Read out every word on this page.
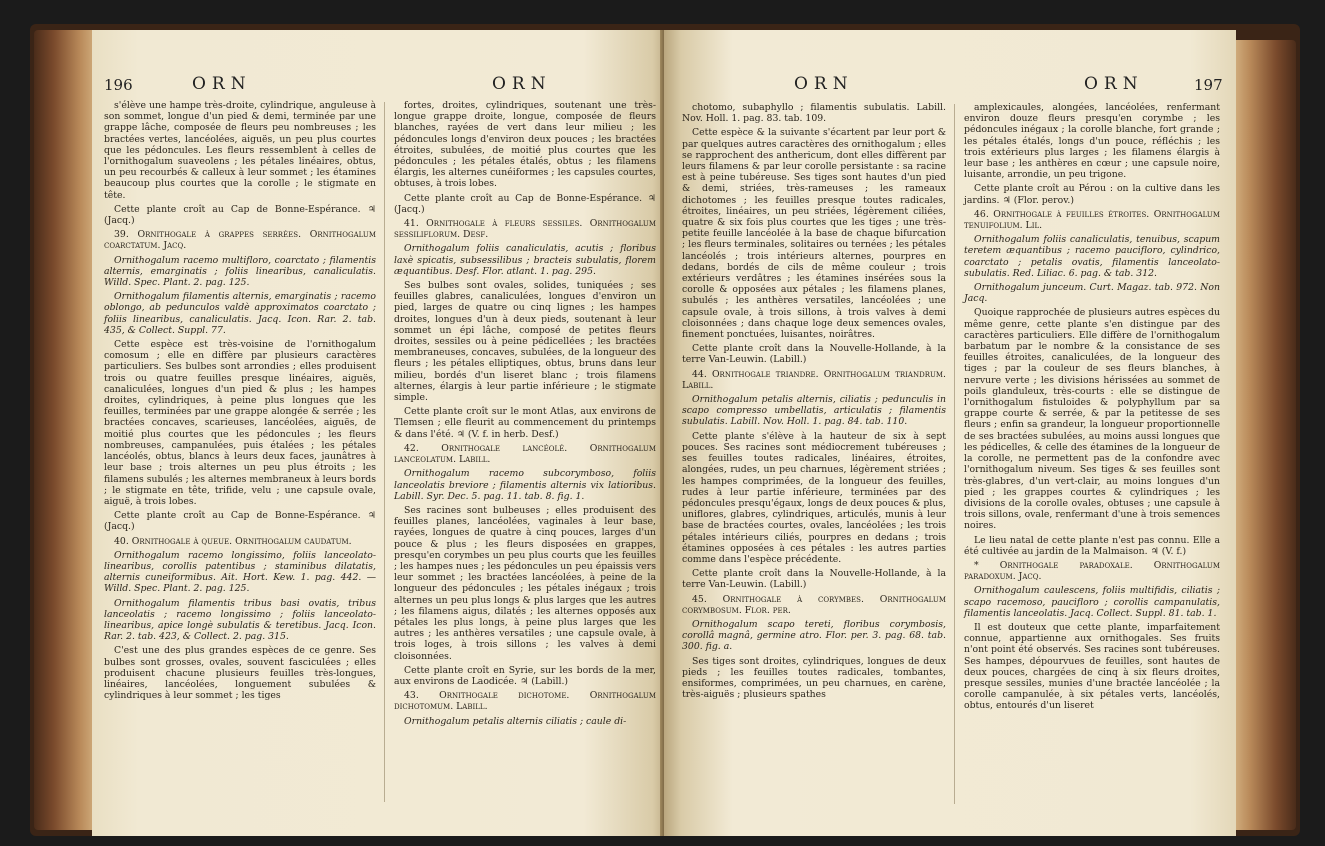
196	ORN	ORN

s'élève une hampe très-droite, cylindrique, anguleuse à son sommet, longue d'un pied & demi, terminée par une grappe lâche, composée de fleurs peu nombreuses ; les bractées vertes, lancéolées, aiguës, un peu plus courtes que les pédoncules. Les fleurs ressemblent à celles de l'ornithogalum suaveolens ; les pétales linéaires, obtus, un peu recourbés & calleux à leur sommet ; les étamines beaucoup plus courtes que la corolle ; le stigmate en tête.

Cette plante croît au Cap de Bonne-Espérance. ♃ (Jacq.)

39. Ornithogale à grappes serrées. Ornithogalum coarctatum. Jacq.

Ornithogalum racemo multifloro, coarctato ; filamentis alternis, emarginatis ; foliis linearibus, canaliculatis. Willd. Spec. Plant. 2. pag. 125.

Ornithogalum filamentis alternis, emarginatis ; racemo oblongo, ab pedunculos valdè approximatos coarctato ; foliis linearibus, canaliculatis. Jacq. Icon. Rar. 2. tab. 435, & Collect. Suppl. 77.

Cette espèce est très-voisine de l'ornithogalum comosum ; elle en diffère par plusieurs caractères particuliers. Ses bulbes sont arrondies ; elles produisent trois ou quatre feuilles presque linéaires, aiguës, canaliculées, longues d'un pied & plus ; les hampes droites, cylindriques, à peine plus longues que les feuilles, terminées par une grappe alongée & serrée ; les bractées concaves, scarieuses, lancéolées, aiguës, de moitié plus courtes que les pédoncules ; les fleurs nombreuses, campanulées, puis étalées ; les pétales lancéolés, obtus, blancs à leurs deux faces, jaunâtres à leur base ; trois alternes un peu plus étroits ; les filamens subulés ; les alternes membraneux à leurs bords ; le stigmate en tête, trifide, velu ; une capsule ovale, aiguë, à trois lobes.

Cette plante croît au Cap de Bonne-Espérance. ♃ (Jacq.)

40. Ornithogale à queue. Ornithogalum caudatum.

Ornithogalum racemo longissimo, foliis lanceolato-linearibus, corollis patentibus ; staminibus dilatatis, alternis cuneiformibus. Ait. Hort. Kew. 1. pag. 442. — Willd. Spec. Plant. 2. pag. 125.

Ornithogalum filamentis tribus basi ovatis, tribus lanceolatis ; racemo longissimo ; foliis lanceolato-linearibus, apice longè subulatis & teretibus. Jacq. Icon. Rar. 2. tab. 423, & Collect. 2. pag. 315.

C'est une des plus grandes espèces de ce genre. Ses bulbes sont grosses, ovales, souvent fasciculées ; elles produisent chacune plusieurs feuilles très-longues, linéaires, lancéolées, longuement subulées & cylindriques à leur sommet ; les tiges

fortes, droites, cylindriques, soutenant une très-longue grappe droite, longue, composée de fleurs blanches, rayées de vert dans leur milieu ; les pédoncules longs d'environ deux pouces ; les bractées étroites, subulées, de moitié plus courtes que les pédoncules ; les pétales étalés, obtus ; les filamens élargis, les alternes cunéiformes ; les capsules courtes, obtuses, à trois lobes.

Cette plante croît au Cap de Bonne-Espérance. ♃ (Jacq.)

41. Ornithogale à fleurs sessiles. Ornithogalum sessiliflorum. Desf.

Ornithogalum foliis canaliculatis, acutis ; floribus laxè spicatis, subsessilibus ; bracteis subulatis, florem æquantibus. Desf. Flor. atlant. 1. pag. 295.

Ses bulbes sont ovales, solides, tuniquées ; ses feuilles glabres, canaliculées, longues d'environ un pied, larges de quatre ou cinq lignes ; les hampes droites, longues d'un à deux pieds, soutenant à leur sommet un épi lâche, composé de petites fleurs droites, sessiles ou à peine pédicellées ; les bractées membraneuses, concaves, subulées, de la longueur des fleurs ; les pétales elliptiques, obtus, bruns dans leur milieu, bordés d'un liseret blanc ; trois filamens alternes, élargis à leur partie inférieure ; le stigmate simple.

Cette plante croît sur le mont Atlas, aux environs de Tlemsen ; elle fleurit au commencement du printemps & dans l'été. ♃ (V. f. in herb. Desf.)

42. Ornithogale lancéolé. Ornithogalum lanceolatum. Labill.

Ornithogalum racemo subcorymboso, foliis lanceolatis breviore ; filamentis alternis vix latioribus. Labill. Syr. Dec. 5. pag. 11. tab. 8. fig. 1.

Ses racines sont bulbeuses ; elles produisent des feuilles planes, lancéolées, vaginales à leur base, rayées, longues de quatre à cinq pouces, larges d'un pouce & plus ; les fleurs disposées en grappes, presqu'en corymbes un peu plus courts que les feuilles ; les hampes nues ; les pédoncules un peu épaissis vers leur sommet ; les bractées lancéolées, à peine de la longueur des pédoncules ; les pétales inégaux ; trois alternes un peu plus longs & plus larges que les autres ; les filamens aigus, dilatés ; les alternes opposés aux pétales les plus longs, à peine plus larges que les autres ; les anthères versatiles ; une capsule ovale, à trois loges, à trois sillons ; les valves à demi cloisonnées.

Cette plante croît en Syrie, sur les bords de la mer, aux environs de Laodicée. ♃ (Labill.)

43. Ornithogale dichotome. Ornithogalum dichotomum. Labill.

Ornithogalum petalis alternis ciliatis ; caule di-

ORN	ORN	197

chotomo, subaphyllo ; filamentis subulatis. Labill. Nov. Holl. 1. pag. 83. tab. 109.

Cette espèce & la suivante s'écartent par leur port & par quelques autres caractères des ornithogalum ; elles se rapprochent des anthericum, dont elles diffèrent par leurs filamens & par leur corolle persistante : sa racine est à peine tubéreuse. Ses tiges sont hautes d'un pied & demi, striées, très-rameuses ; les rameaux dichotomes ; les feuilles presque toutes radicales, étroites, linéaires, un peu striées, légèrement ciliées, quatre & six fois plus courtes que les tiges ; une très-petite feuille lancéolée à la base de chaque bifurcation ; les fleurs terminales, solitaires ou ternées ; les pétales lancéolés ; trois intérieurs alternes, pourpres en dedans, bordés de cils de même couleur ; trois extérieurs verdâtres ; les étamines insérées sous la corolle & opposées aux pétales ; les filamens planes, subulés ; les anthères versatiles, lancéolées ; une capsule ovale, à trois sillons, à trois valves à demi cloisonnées ; dans chaque loge deux semences ovales, finement ponctuées, luisantes, noirâtres.

Cette plante croît dans la Nouvelle-Hollande, à la terre Van-Leuwin. (Labill.)

44. Ornithogale triandre. Ornithogalum triandrum. Labill.

Ornithogalum petalis alternis, ciliatis ; pedunculis in scapo compresso umbellatis, articulatis ; filamentis subulatis. Labill. Nov. Holl. 1. pag. 84. tab. 110.

Cette plante s'élève à la hauteur de six à sept pouces. Ses racines sont médiocrement tubéreuses ; ses feuilles toutes radicales, linéaires, étroites, alongées, rudes, un peu charnues, légèrement striées ; les hampes comprimées, de la longueur des feuilles, rudes à leur partie inférieure, terminées par des pédoncules presqu'égaux, longs de deux pouces & plus, uniflores, glabres, cylindriques, articulés, munis à leur base de bractées courtes, ovales, lancéolées ; les trois pétales intérieurs ciliés, pourpres en dedans ; trois étamines opposées à ces pétales : les autres parties comme dans l'espèce précédente.

Cette plante croît dans la Nouvelle-Hollande, à la terre Van-Leuwin. (Labill.)

45. Ornithogale à corymbes. Ornithogalum corymbosum. Flor. per.

Ornithogalum scapo tereti, floribus corymbosis, corollâ magnâ, germine atro. Flor. per. 3. pag. 68. tab. 300. fig. a.

Ses tiges sont droites, cylindriques, longues de deux pieds ; les feuilles toutes radicales, tombantes, ensiformes, comprimées, un peu charnues, en carène, très-aiguës ; plusieurs spathes

amplexicaules, alongées, lancéolées, renfermant environ douze fleurs presqu'en corymbe ; les pédoncules inégaux ; la corolle blanche, fort grande ; les pétales étalés, longs d'un pouce, réfléchis ; les trois extérieurs plus larges ; les filamens élargis à leur base ; les anthères en cœur ; une capsule noire, luisante, arrondie, un peu trigone.

Cette plante croît au Pérou : on la cultive dans les jardins. ♃ (Flor. perov.)

46. Ornithogale à feuilles étroites. Ornithogalum tenuifolium. Lil.

Ornithogalum foliis canaliculatis, tenuibus, scapum teretem æquantibus ; racemo paucifloro, cylindrico, coarctato ; petalis ovatis, filamentis lanceolato-subulatis. Red. Liliac. 6. pag. & tab. 312.

Ornithogalum junceum. Curt. Magaz. tab. 972. Non Jacq.

Quoique rapprochée de plusieurs autres espèces du même genre, cette plante s'en distingue par des caractères particuliers. Elle diffère de l'ornithogalum barbatum par le nombre & la consistance de ses feuilles étroites, canaliculées, de la longueur des tiges ; par la couleur de ses fleurs blanches, à nervure verte ; les divisions hérissées au sommet de poils glanduleux, très-courts : elle se distingue de l'ornithogalum fistuloides & polyphyllum par sa grappe courte & serrée, & par la petitesse de ses fleurs ; enfin sa grandeur, la longueur proportionnelle de ses bractées subulées, au moins aussi longues que les pédicelles, & celle des étamines de la longueur de la corolle, ne permettent pas de la confondre avec l'ornithogalum niveum. Ses tiges & ses feuilles sont très-glabres, d'un vert-clair, au moins longues d'un pied ; les grappes courtes & cylindriques ; les divisions de la corolle ovales, obtuses ; une capsule à trois sillons, ovale, renfermant d'une à trois semences noires.

Le lieu natal de cette plante n'est pas connu. Elle a été cultivée au jardin de la Malmaison. ♃ (V. f.)

* Ornithogale paradoxale. Ornithogalum paradoxum. Jacq.

Ornithogalum caulescens, foliis multifidis, ciliatis ; scapo racemoso, paucifloro ; corollis campanulatis, filamentis lanceolatis. Jacq. Collect. Suppl. 81. tab. 1.

Il est douteux que cette plante, imparfaitement connue, appartienne aux ornithogales. Ses fruits n'ont point été observés. Ses racines sont tubéreuses. Ses hampes, dépourvues de feuilles, sont hautes de deux pouces, chargées de cinq à six fleurs droites, presque sessiles, munies d'une bractée lancéolée ; la corolle campanulée, à six pétales verts, lancéolés, obtus, entourés d'un liseret
